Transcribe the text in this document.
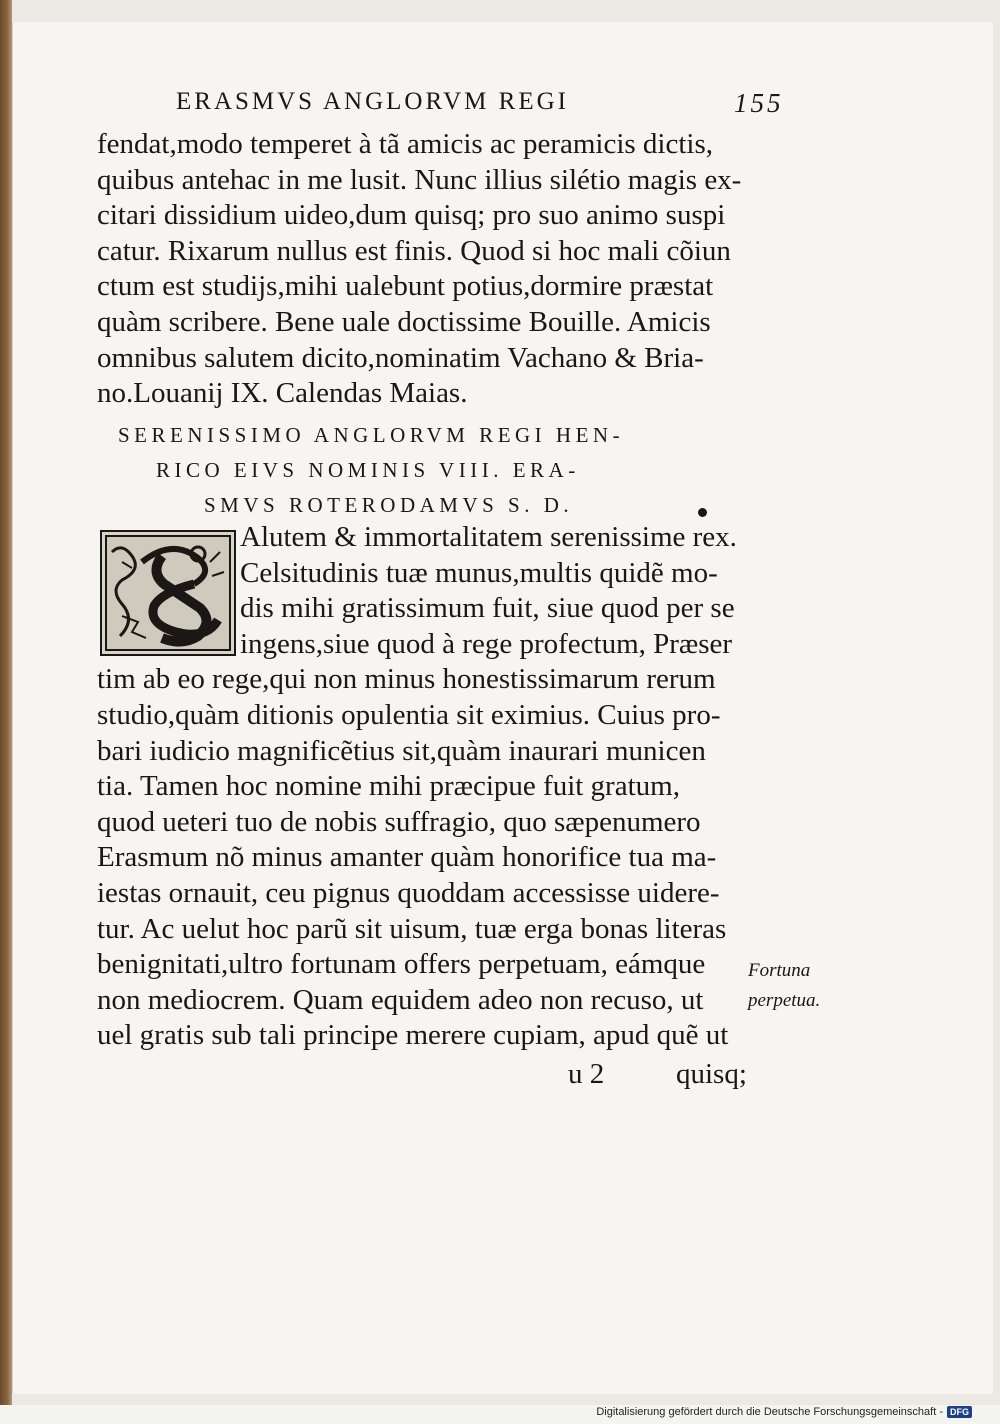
ERASMVS ANGLORVM REGI	155
fendat,modo temperet à tã amicis ac peramicis dictis,
quibus antehac in me lusit. Nunc illius silétio magis ex-
citari dissidium uideo,dum quisq; pro suo animo suspi
catur. Rixarum nullus est finis. Quod si hoc mali cõiun
ctum est studijs,mihi ualebunt potius,dormire præstat
quàm scribere. Bene uale doctissime Bouille. Amicis
omnibus salutem dicito,nominatim Vachano & Bria-
no.Louanij IX. Calendas Maias.
SERENISSIMO ANGLORVM REGI HEN-
RICO EIVS NOMINIS VIII. ERA-
SMVS ROTERODAMVS S. D.
Alutem & immortalitatem serenissime rex.
Celsitudinis tuæ munus,multis quidẽ mo-
dis mihi gratissimum fuit, siue quod per se
ingens,siue quod à rege profectum, Præser
tim ab eo rege,qui non minus honestissimarum rerum
studio,quàm ditionis opulentia sit eximius. Cuius pro-
bari iudicio magnificẽtius sit,quàm inaurari municen
tia. Tamen hoc nomine mihi præcipue fuit gratum,
quod ueteri tuo de nobis suffragio, quo sæpenumero
Erasmum nõ minus amanter quàm honorifice tua ma-
iestas ornauit, ceu pignus quoddam accessisse uidere-
tur. Ac uelut hoc parũ sit uisum, tuæ erga bonas literas
benignitati,ultro fortunam offers perpetuam, eámque
non mediocrem. Quam equidem adeo non recuso, ut
uel gratis sub tali principe merere cupiam, apud quẽ ut
Fortuna
perpetua.
u 2 quisq;
Digitalisierung gefördert durch die Deutsche Forschungsgemeinschaft - DFG
